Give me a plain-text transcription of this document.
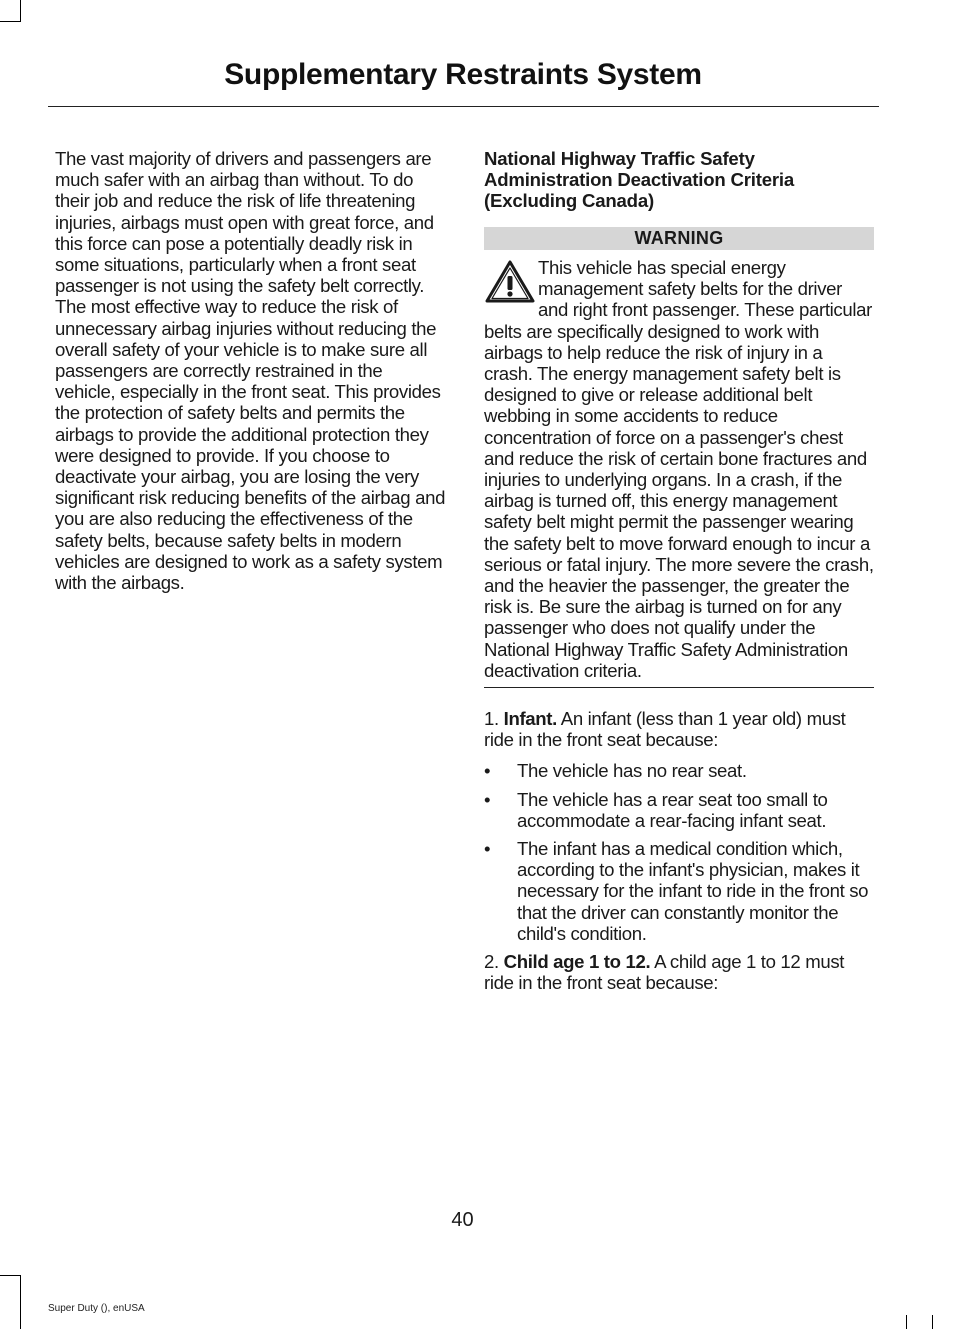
Supplementary Restraints System

The vast majority of drivers and passengers are much safer with an airbag than without. To do their job and reduce the risk of life threatening injuries, airbags must open with great force, and this force can pose a potentially deadly risk in some situations, particularly when a front seat passenger is not using the safety belt correctly. The most effective way to reduce the risk of unnecessary airbag injuries without reducing the overall safety of your vehicle is to make sure all passengers are correctly restrained in the vehicle, especially in the front seat. This provides the protection of safety belts and permits the airbags to provide the additional protection they were designed to provide. If you choose to deactivate your airbag, you are losing the very significant risk reducing benefits of the airbag and you are also reducing the effectiveness of the safety belts, because safety belts in modern vehicles are designed to work as a safety system with the airbags.

National Highway Traffic Safety Administration Deactivation Criteria (Excluding Canada)
WARNING

This vehicle has special energy management safety belts for the driver and right front passenger. These particular belts are specifically designed to work with airbags to help reduce the risk of injury in a crash. The energy management safety belt is designed to give or release additional belt webbing in some accidents to reduce concentration of force on a passenger's chest and reduce the risk of certain bone fractures and injuries to underlying organs. In a crash, if the airbag is turned off, this energy management safety belt might permit the passenger wearing the safety belt to move forward enough to incur a serious or fatal injury. The more severe the crash, and the heavier the passenger, the greater the risk is. Be sure the airbag is turned on for any passenger who does not qualify under the National Highway Traffic Safety Administration deactivation criteria.

1. Infant. An infant (less than 1 year old) must ride in the front seat because:

• The vehicle has no rear seat.
• The vehicle has a rear seat too small to accommodate a rear-facing infant seat.
• The infant has a medical condition which, according to the infant's physician, makes it necessary for the infant to ride in the front so that the driver can constantly monitor the child's condition.

2. Child age 1 to 12. A child age 1 to 12 must ride in the front seat because:

40
Super Duty (), enUSA
